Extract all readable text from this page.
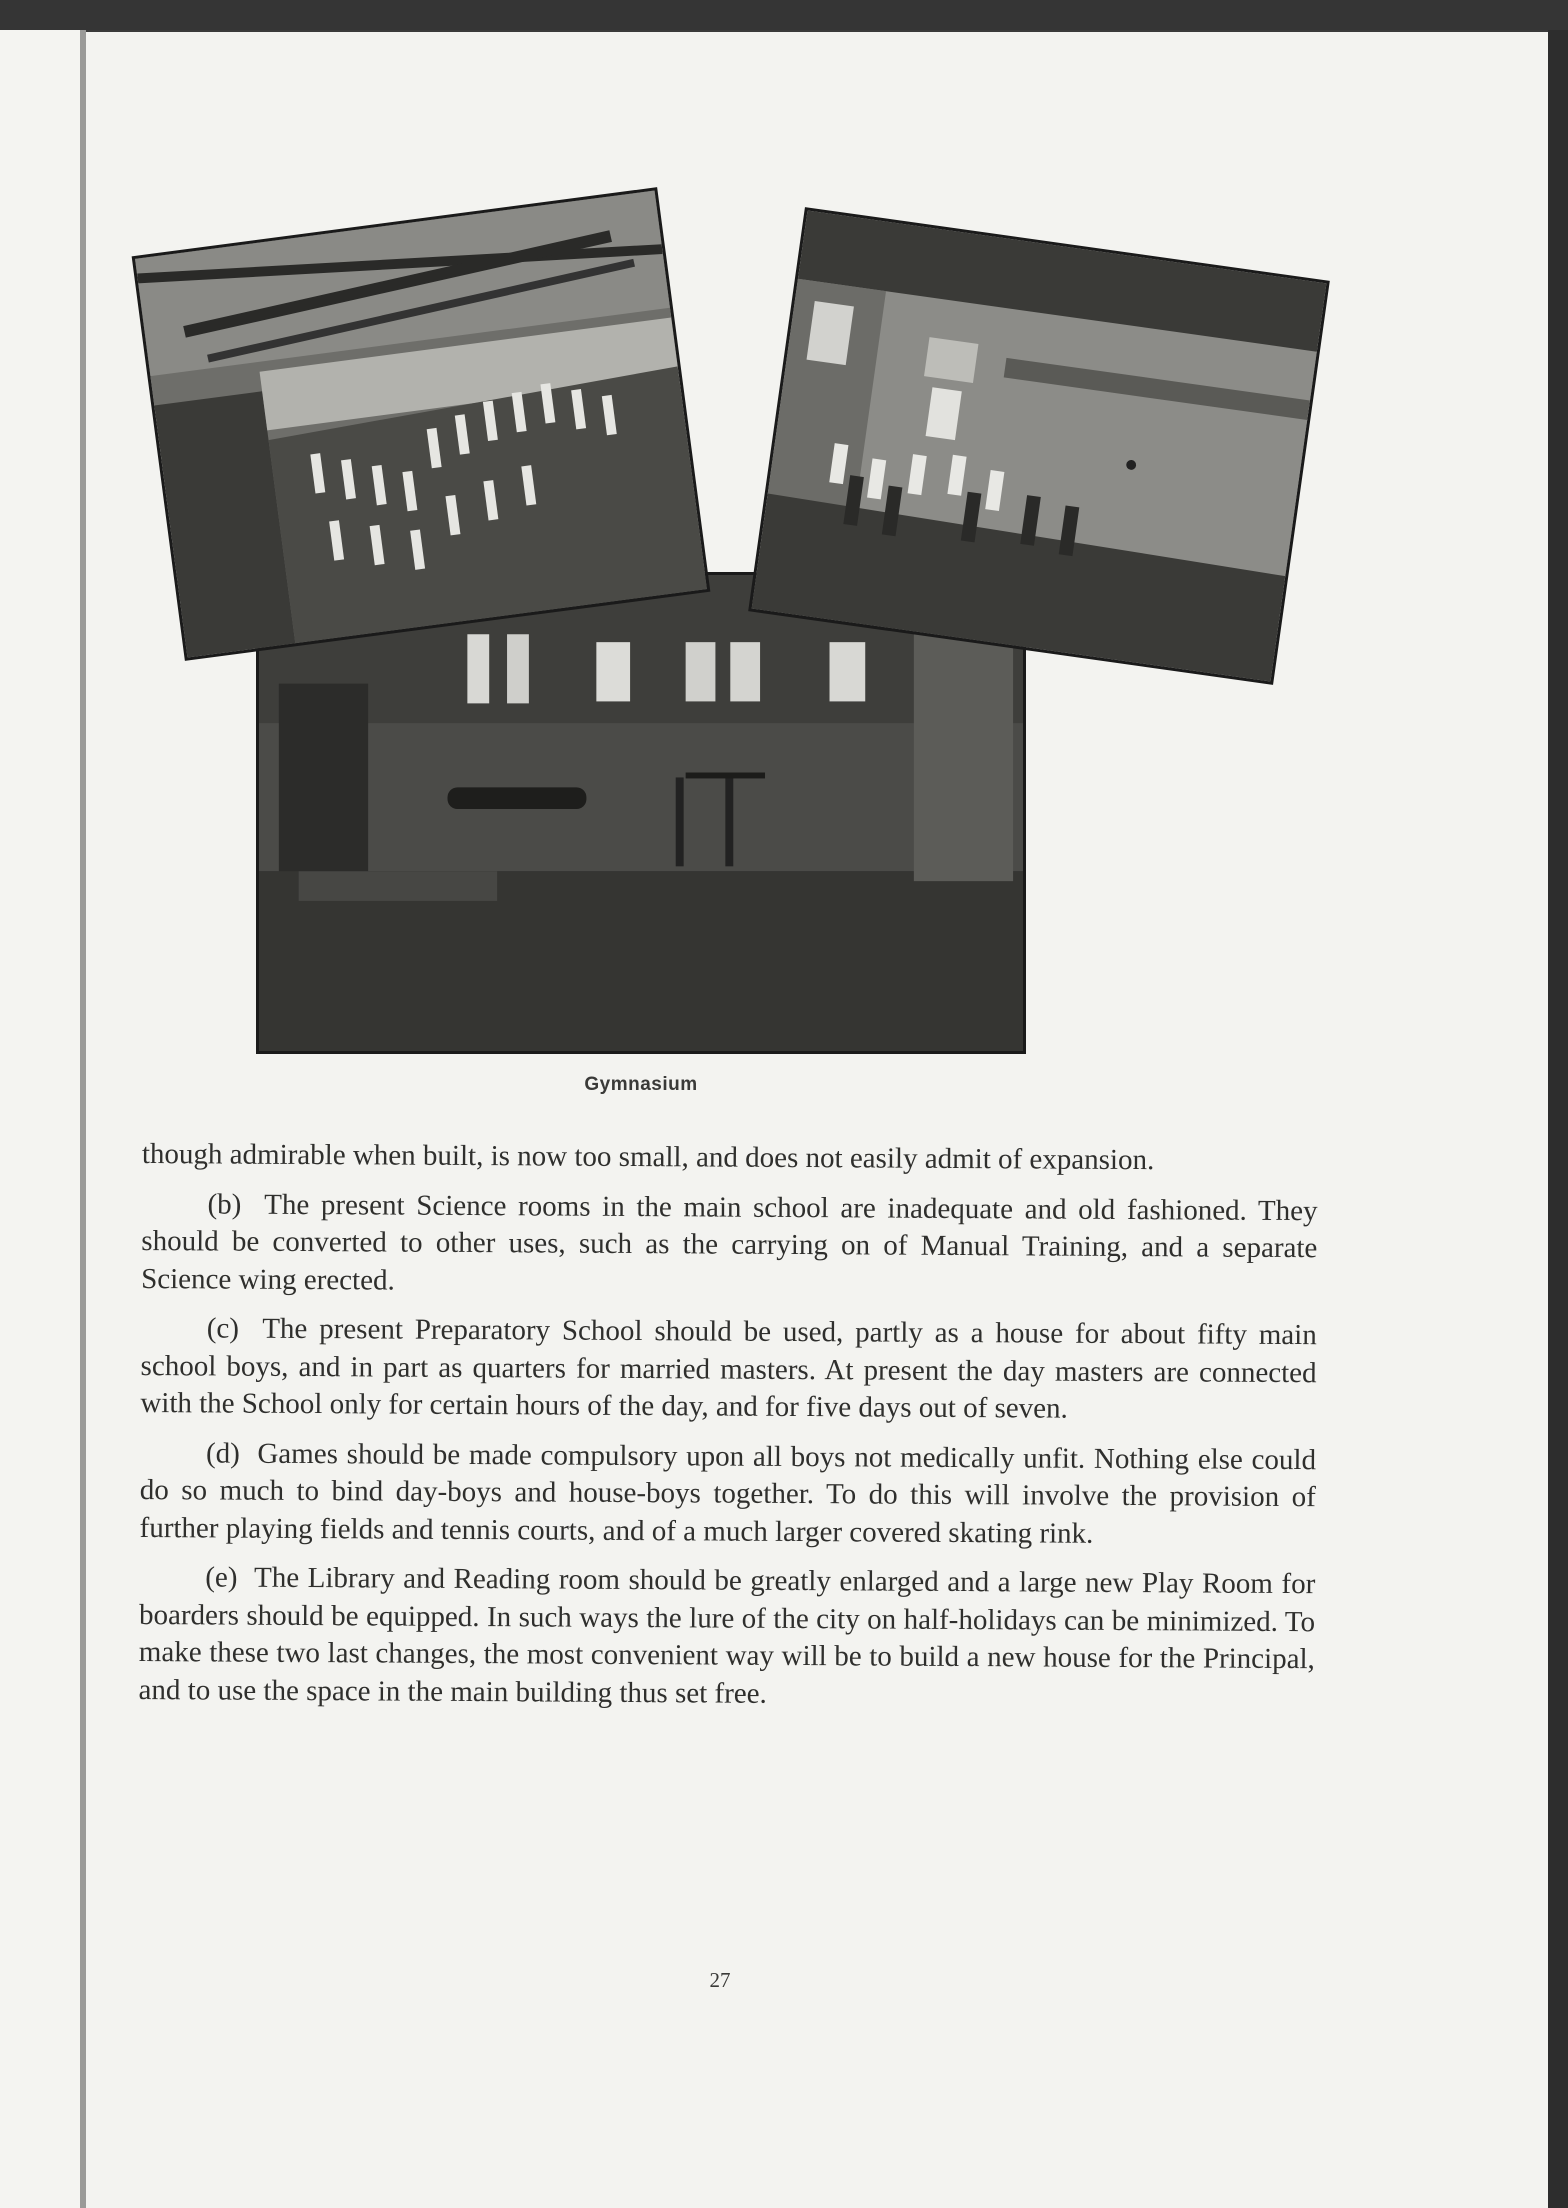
Gymnasium

though admirable when built, is now too small, and does not easily admit of expansion.

(b) The present Science rooms in the main school are inadequate and old fashioned. They should be converted to other uses, such as the carrying on of Manual Training, and a separate Science wing erected.

(c) The present Preparatory School should be used, partly as a house for about fifty main school boys, and in part as quarters for married masters. At present the day masters are connected with the School only for certain hours of the day, and for five days out of seven.

(d) Games should be made compulsory upon all boys not medically unfit. Nothing else could do so much to bind day-boys and house-boys together. To do this will involve the provision of further playing fields and tennis courts, and of a much larger covered skating rink.

(e) The Library and Reading room should be greatly enlarged and a large new Play Room for boarders should be equipped. In such ways the lure of the city on half-holidays can be minimized. To make these two last changes, the most convenient way will be to build a new house for the Principal, and to use the space in the main building thus set free.

27
